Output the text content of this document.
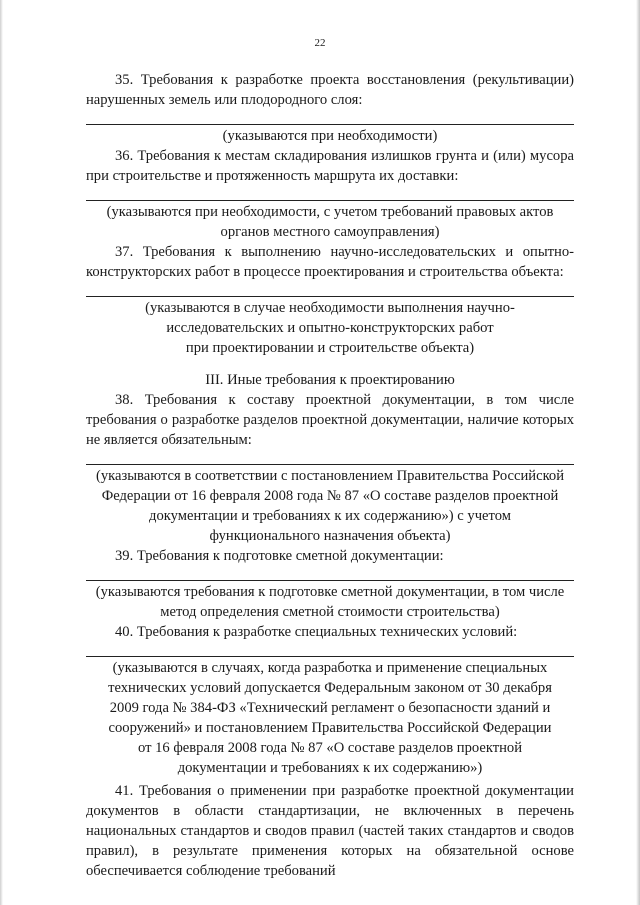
22

35. Требования к разработке проекта восстановления (рекультивации) нарушенных земель или плодородного слоя:

(указываются при необходимости)

36. Требования к местам складирования излишков грунта и (или) мусора при строительстве и протяженность маршрута их доставки:

(указываются при необходимости, с учетом требований правовых актов
органов местного самоуправления)

37. Требования к выполнению научно-исследовательских и опытно-конструкторских работ в процессе проектирования и строительства объекта:

(указываются в случае необходимости выполнения научно-
исследовательских и опытно-конструкторских работ
при проектировании и строительстве объекта)

III. Иные требования к проектированию

38. Требования к составу проектной документации, в том числе требования о разработке разделов проектной документации, наличие которых не является обязательным:

(указываются в соответствии с постановлением Правительства Российской
Федерации от 16 февраля 2008 года № 87 «О составе разделов проектной
документации и требованиях к их содержанию») с учетом
функционального назначения объекта)

39. Требования к подготовке сметной документации:

(указываются требования к подготовке сметной документации, в том числе
метод определения сметной стоимости строительства)

40. Требования к разработке специальных технических условий:

(указываются в случаях, когда разработка и применение специальных
технических условий допускается Федеральным законом от 30 декабря
2009 года № 384-ФЗ «Технический регламент о безопасности зданий и
сооружений» и постановлением Правительства Российской Федерации
от 16 февраля 2008 года № 87 «О составе разделов проектной
документации и требованиях к их содержанию»)

41. Требования о применении при разработке проектной документации документов в области стандартизации, не включенных в перечень национальных стандартов и сводов правил (частей таких стандартов и сводов правил), в результате применения которых на обязательной основе обеспечивается соблюдение требований
